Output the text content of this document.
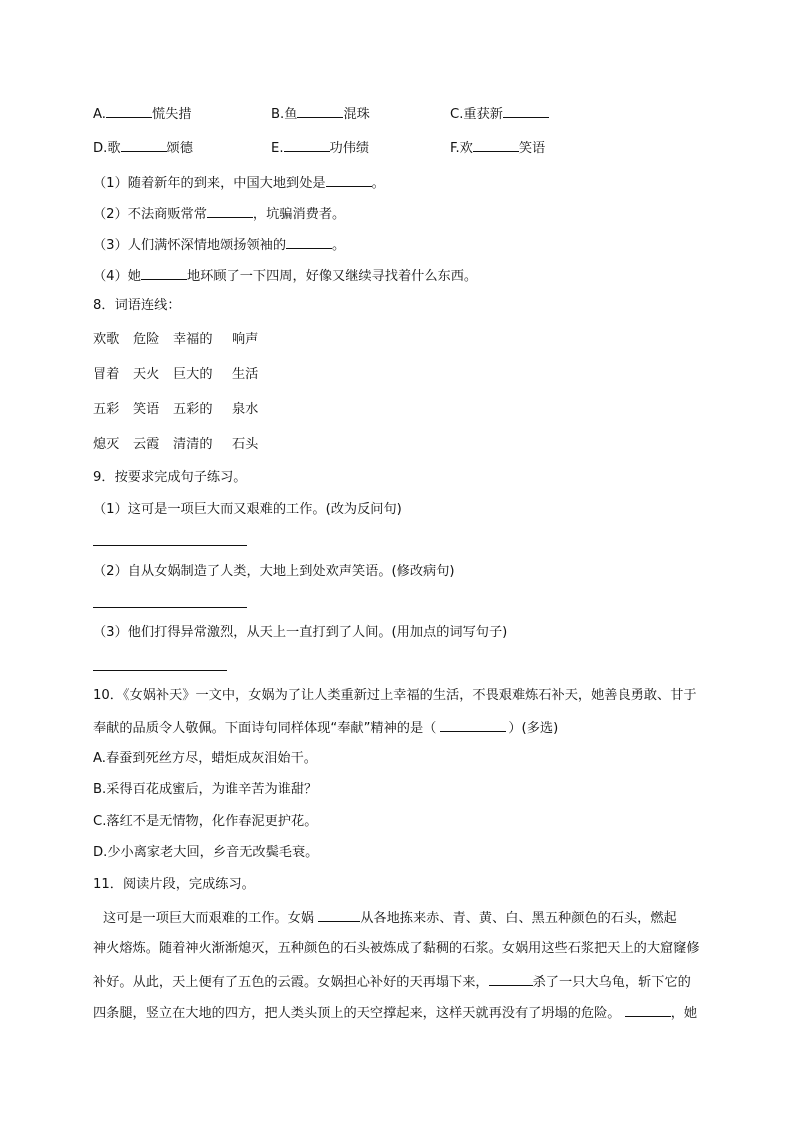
A.	慌失措	B.鱼	混珠	C.重获新
D.歌	颂德	E.	功伟绩	F.欢	笑语
（1）随着新年的到来，中国大地到处是	。
（2）不法商贩常常	，坑骗消费者。
（3）人们满怀深情地颂扬领袖的	。
（4）她	地环顾了一下四周，好像又继续寻找着什么东西。
8．词语连线：
欢歌 危险 幸福的 响声
冒着 天火 巨大的 生活
五彩 笑语 五彩的 泉水
熄灭 云霞 清清的 石头
9．按要求完成句子练习。
（1）这可是一项巨大而又艰难的工作。(改为反问句)
（2）自从女娲制造了人类，大地上到处欢声笑语。(修改病句)
（3）他们打得异常激烈，从天上一直打到了人间。(用加点的词写句子)
10．《女娲补天》一文中，女娲为了让人类重新过上幸福的生活，不畏艰难炼石补天，她善良勇敢、甘于
奉献的品质令人敬佩。下面诗句同样体现“奉献”精神的是（	）(多选)
A.春蚕到死丝方尽，蜡炬成灰泪始干。
B.采得百花成蜜后，为谁辛苦为谁甜？
C.落红不是无情物，化作春泥更护花。
D.少小离家老大回，乡音无改鬓毛衰。
11．阅读片段，完成练习。
这可是一项巨大而艰难的工作。女娲	从各地拣来赤、青、黄、白、黑五种颜色的石头，燃起
神火熔炼。随着神火渐渐熄灭，五种颜色的石头被炼成了黏稠的石浆。女娲用这些石浆把天上的大窟窿修
补好。从此，天上便有了五色的云霞。女娲担心补好的天再塌下来，	杀了一只大乌龟，斩下它的
四条腿，竖立在大地的四方，把人类头顶上的天空撑起来，这样天就再没有了坍塌的危险。	，她
